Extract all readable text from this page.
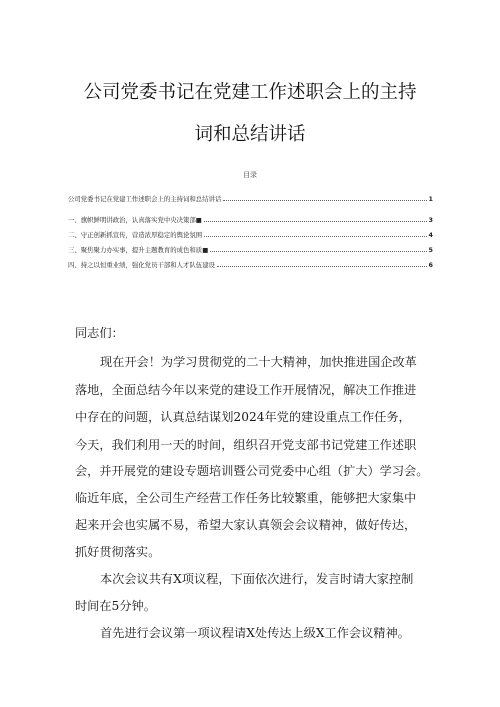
公司党委书记在党建工作述职会上的主持
词和总结讲话
目录
公司党委书记在党建工作述职会上的主持词和总结讲话	1
一、旗帜鲜明讲政治，认真落实党中央决策部■	3
二、守正创新抓宣传，营造浓厚稳定的舆论氛围	4
三、聚焦聚力办实事，提升主题教育的成色和质■	5
四、持之以恒重业绩，强化党员干部和人才队伍建设	6
同志们：
现在开会！为学习贯彻党的二十大精神，加快推进国企改革
落地，全面总结今年以来党的建设工作开展情况，解决工作推进
中存在的问题，认真总结谋划2024年党的建设重点工作任务，
今天，我们利用一天的时间，组织召开党支部书记党建工作述职
会，并开展党的建设专题培训暨公司党委中心组（扩大）学习会。
临近年底，全公司生产经营工作任务比较繁重，能够把大家集中
起来开会也实属不易，希望大家认真领会会议精神，做好传达，
抓好贯彻落实。
本次会议共有X项议程，下面依次进行，发言时请大家控制
时间在5分钟。
首先进行会议第一项议程请X处传达上级X工作会议精神。
